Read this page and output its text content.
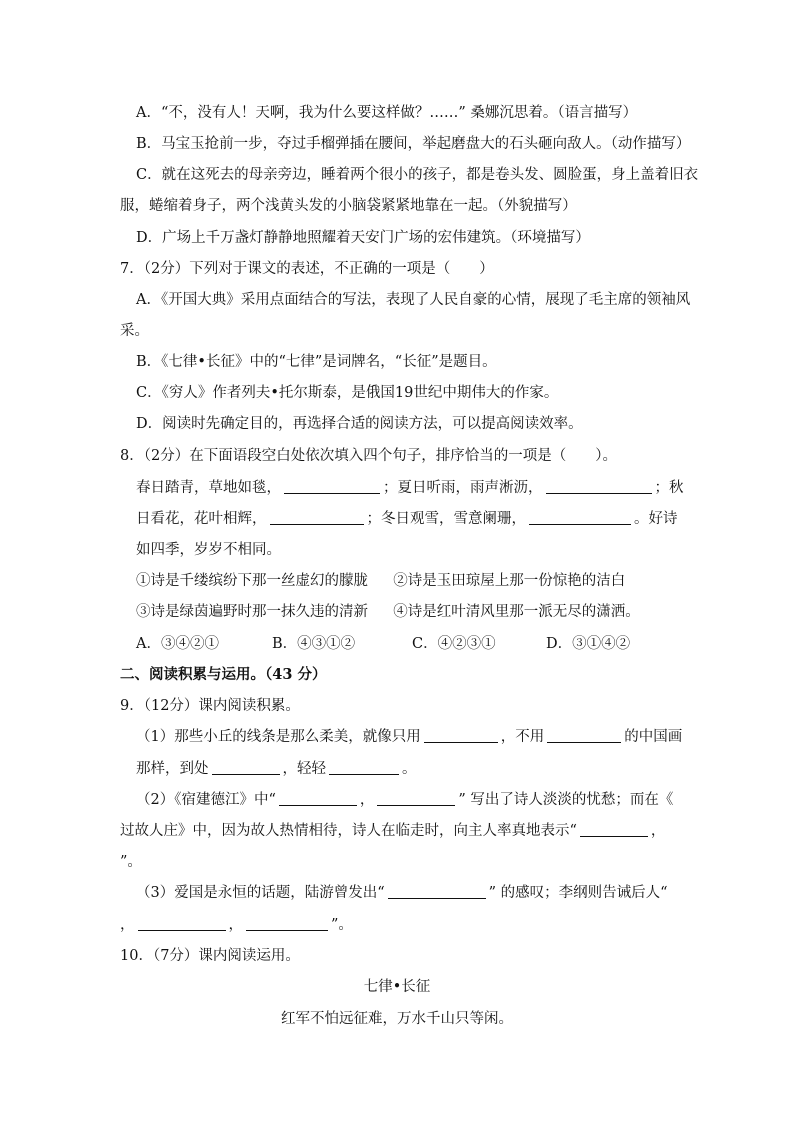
A．“不，没有人！天啊，我为什么要这样做？……” 桑娜沉思着。（语言描写）
B．马宝玉抢前一步，夺过手榴弹插在腰间，举起磨盘大的石头砸向敌人。（动作描写）
C．就在这死去的母亲旁边，睡着两个很小的孩子，都是卷头发、圆脸蛋，身上盖着旧衣
服，蜷缩着身子，两个浅黄头发的小脑袋紧紧地靠在一起。（外貌描写）
D．广场上千万盏灯静静地照耀着天安门广场的宏伟建筑。（环境描写）
7．（2分）下列对于课文的表述，不正确的一项是（　　）
A．《开国大典》采用点面结合的写法，表现了人民自豪的心情，展现了毛主席的领袖风
采。
B．《七律•长征》中的“七律”是词牌名，“长征”是题目。
C．《穷人》作者列夫•托尔斯泰，是俄国19世纪中期伟大的作家。
D．阅读时先确定目的，再选择合适的阅读方法，可以提高阅读效率。
8．（2分）在下面语段空白处依次填入四个句子，排序恰当的一项是（　　）。
春日踏青，草地如毯，	；夏日听雨，雨声淅沥，	；秋
日看花，花叶相辉，	；冬日观雪，雪意阑珊，	。好诗
如四季，岁岁不相同。
①诗是千缕缤纷下那一丝虚幻的朦胧 ②诗是玉田琼屋上那一份惊艳的洁白
③诗是绿茵遍野时那一抹久违的清新 ④诗是红叶清风里那一派无尽的潇洒。
A．③④②①	B．④③①②	C．④②③①	D．③①④②
二、阅读积累与运用。（43 分）
9．（12分）课内阅读积累。
（1）那些小丘的线条是那么柔美，就像只用	，不用	的中国画
那样，到处	，轻轻	。
（2）《宿建德江》中“	，	” 写出了诗人淡淡的忧愁；而在《
过故人庄》中，因为故人热情相待，诗人在临走时，向主人率真地表示“	，
”。
（3）爱国是永恒的话题，陆游曾发出“	” 的感叹；李纲则告诫后人“
，	，	”。
10．（7分）课内阅读运用。
七律•长征
红军不怕远征难，万水千山只等闲。
